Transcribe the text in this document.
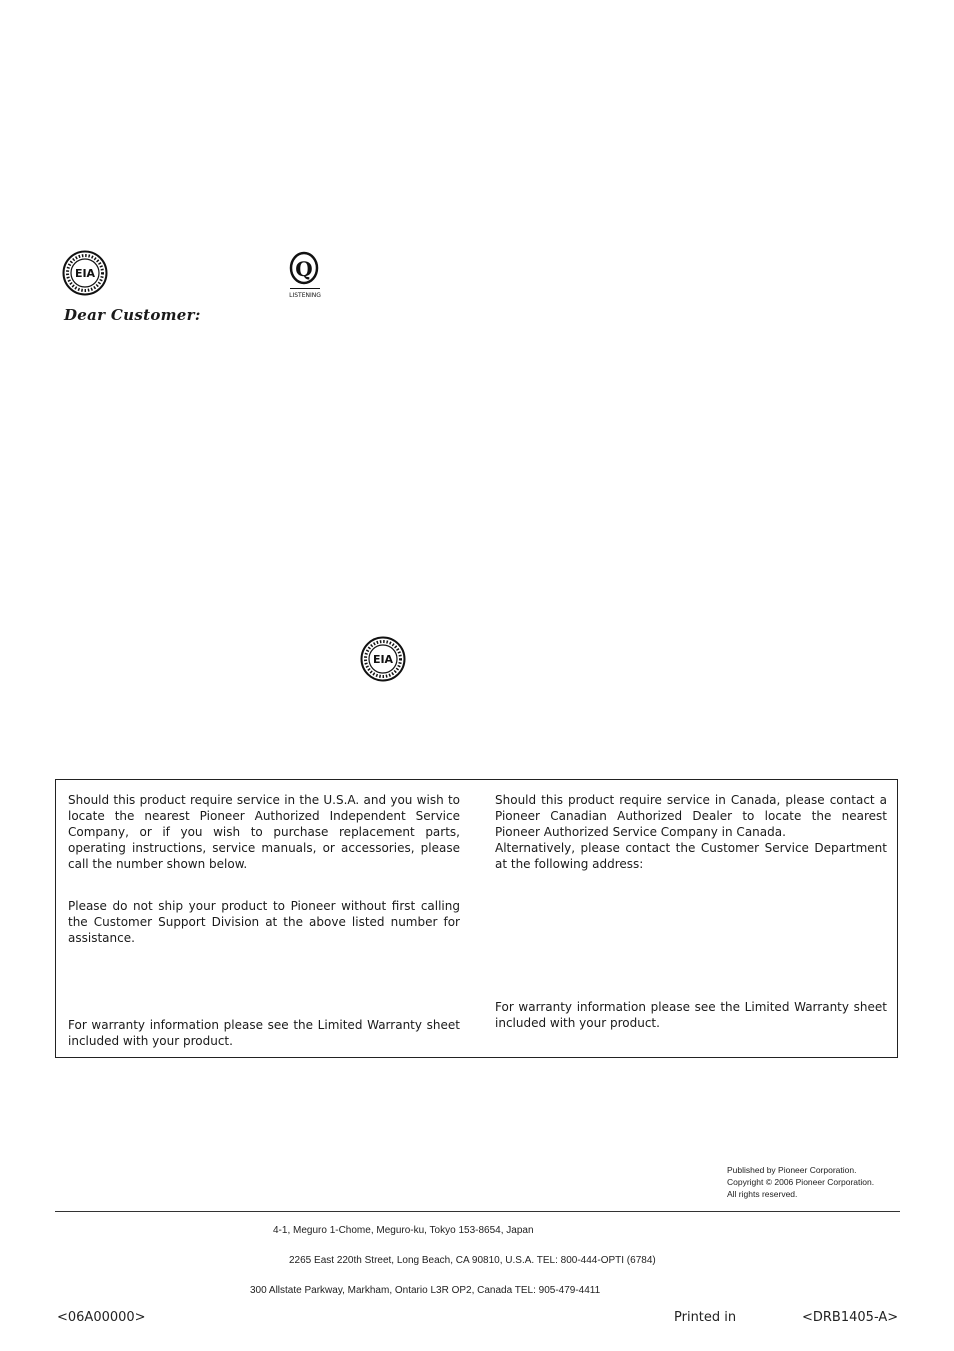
EIA	Q
LISTENING
Dear Customer:
EIA

Should this product require service in the U.S.A. and you wish to locate the nearest Pioneer Authorized Independent Service Company, or if you wish to purchase replacement parts, operating instructions, service manuals, or accessories, please call the number shown below.

Please do not ship your product to Pioneer without first calling the Customer Support Division at the above listed number for assistance.

For warranty information please see the Limited Warranty sheet included with your product.

Should this product require service in Canada, please contact a Pioneer Canadian Authorized Dealer to locate the nearest Pioneer Authorized Service Company in Canada.

Alternatively, please contact the Customer Service Department at the following address:

For warranty information please see the Limited Warranty sheet included with your product.

Published by Pioneer Corporation.
Copyright © 2006 Pioneer Corporation.
All rights reserved.
4-1, Meguro 1-Chome, Meguro-ku, Tokyo 153-8654, Japan
2265 East 220th Street, Long Beach, CA 90810, U.S.A. TEL: 800-444-OPTI (6784)
300 Allstate Parkway, Markham, Ontario L3R OP2, Canada TEL: 905-479-4411
<06A00000>	Printed in	<DRB1405-A>
